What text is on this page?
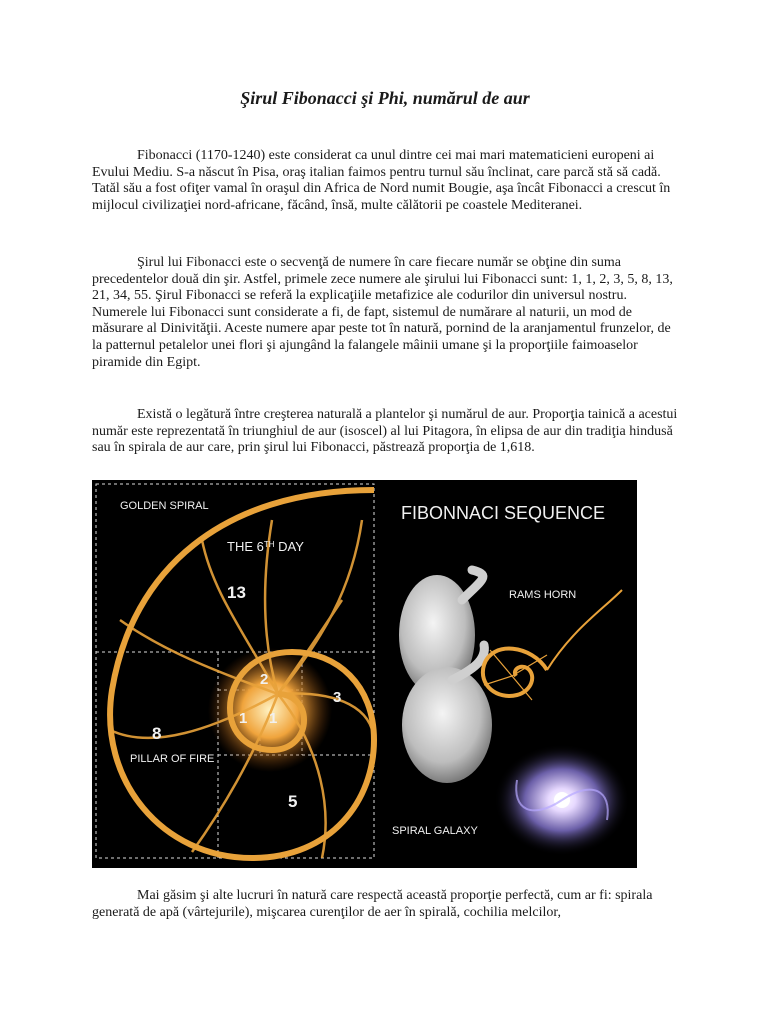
Şirul Fibonacci şi Phi, numărul de aur

Fibonacci (1170-1240) este considerat ca unul dintre cei mai mari matematicieni europeni ai Evului Mediu. S-a născut în Pisa, oraş italian faimos pentru turnul său înclinat, care parcă stă să cadă. Tatăl său a fost ofiţer vamal în oraşul din Africa de Nord numit Bougie, aşa încât Fibonacci a crescut în mijlocul civilizaţiei nord-africane, făcând, însă, multe călătorii pe coastele Mediteranei.

Şirul lui Fibonacci este o secvenţă de numere în care fiecare număr se obţine din suma precedentelor două din şir. Astfel, primele zece numere ale şirului lui Fibonacci sunt: 1, 1, 2, 3, 5, 8, 13, 21, 34, 55. Şirul Fibonacci se referă la explicaţiile metafizice ale codurilor din universul nostru. Numerele lui Fibonacci sunt considerate a fi, de fapt, sistemul de numărare al naturii, un mod de măsurare al Dinivităţii. Aceste numere apar peste tot în natură, pornind de la aranjamentul frunzelor, de la patternul petalelor unei flori şi ajungând la falangele mâinii umane şi la proporţiile faimoaselor piramide din Egipt.

Există o legătură între creşterea naturală a plantelor şi numărul de aur. Proporţia tainică a acestui număr este reprezentată în triunghiul de aur (isoscel) al lui Pitagora, în elipsa de aur din tradiţia hindusă sau în spirala de aur care, prin şirul lui Fibonacci, păstrează proporţia de 1,618.

GOLDEN SPIRAL
THE 6TH DAY
13
2
3
1 1
8
PILLAR OF FIRE
5
FIBONNACI SEQUENCE
RAMS HORN
SPIRAL GALAXY

Mai găsim şi alte lucruri în natură care respectă această proporţie perfectă, cum ar fi: spirala generată de apă (vârtejurile), mişcarea curenţilor de aer în spirală, cochilia melcilor,
